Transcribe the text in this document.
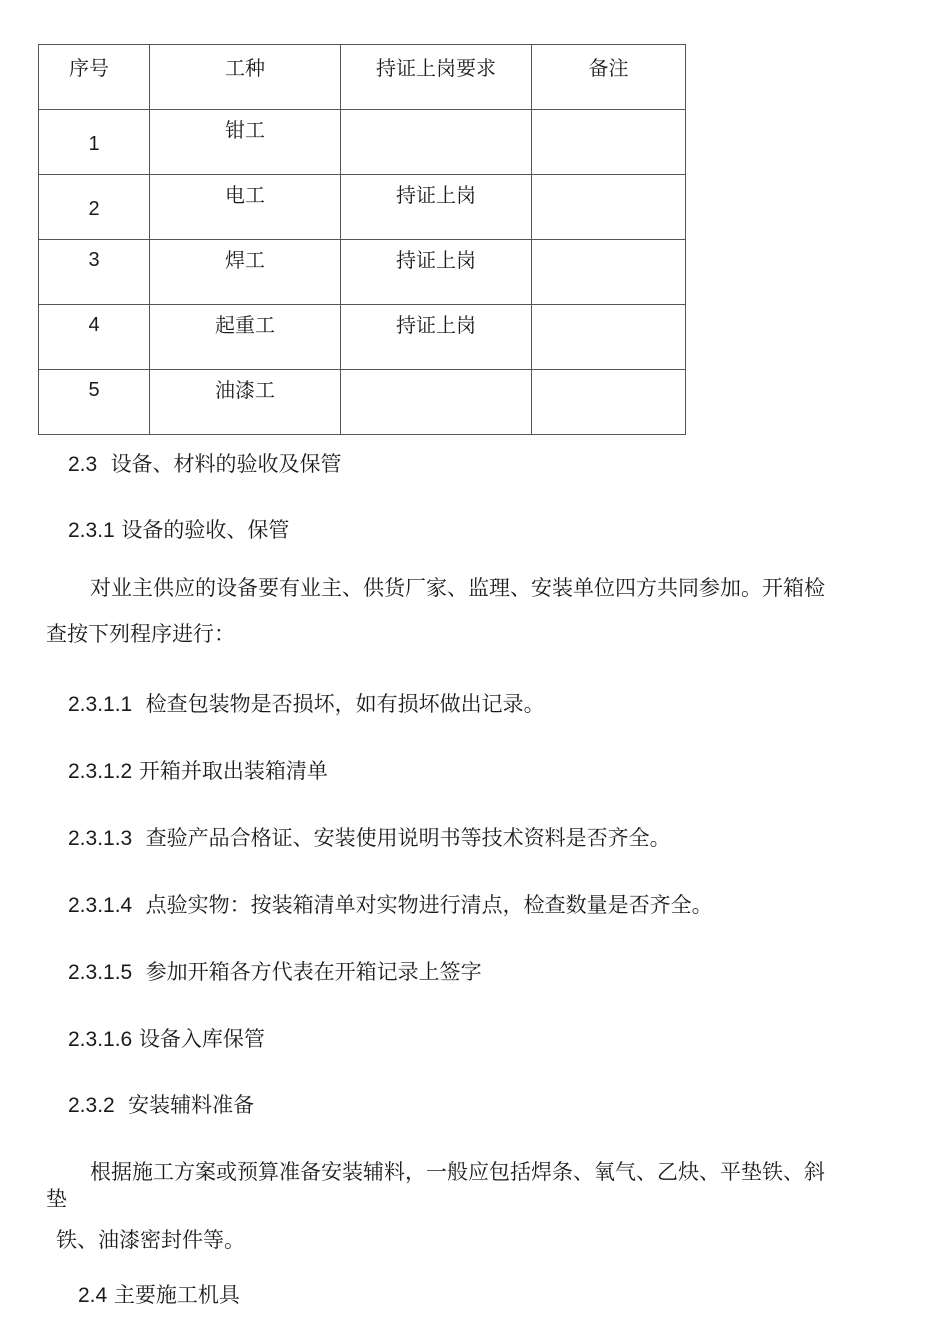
序号	工种	持证上岗要求	备注

1	钳工		

2	电工	持证上岗	

3	焊工	持证上岗	

4	起重工	持证上岗	

5	油漆工		

2.3 设备、材料的验收及保管
2.3.1 设备的验收、保管
对业主供应的设备要有业主、供货厂家、监理、安装单位四方共同参加。开箱检
查按下列程序进行：
2.3.1.1 检查包装物是否损坏，如有损坏做出记录。
2.3.1.2 开箱并取出装箱清单
2.3.1.3 查验产品合格证、安装使用说明书等技术资料是否齐全。
2.3.1.4 点验实物：按装箱清单对实物进行清点，检查数量是否齐全。
2.3.1.5 参加开箱各方代表在开箱记录上签字
2.3.1.6 设备入库保管
2.3.2 安装辅料准备
根据施工方案或预算准备安装辅料，一般应包括焊条、氧气、乙炔、平垫铁、斜
垫
铁、油漆密封件等。
2.4 主要施工机具
